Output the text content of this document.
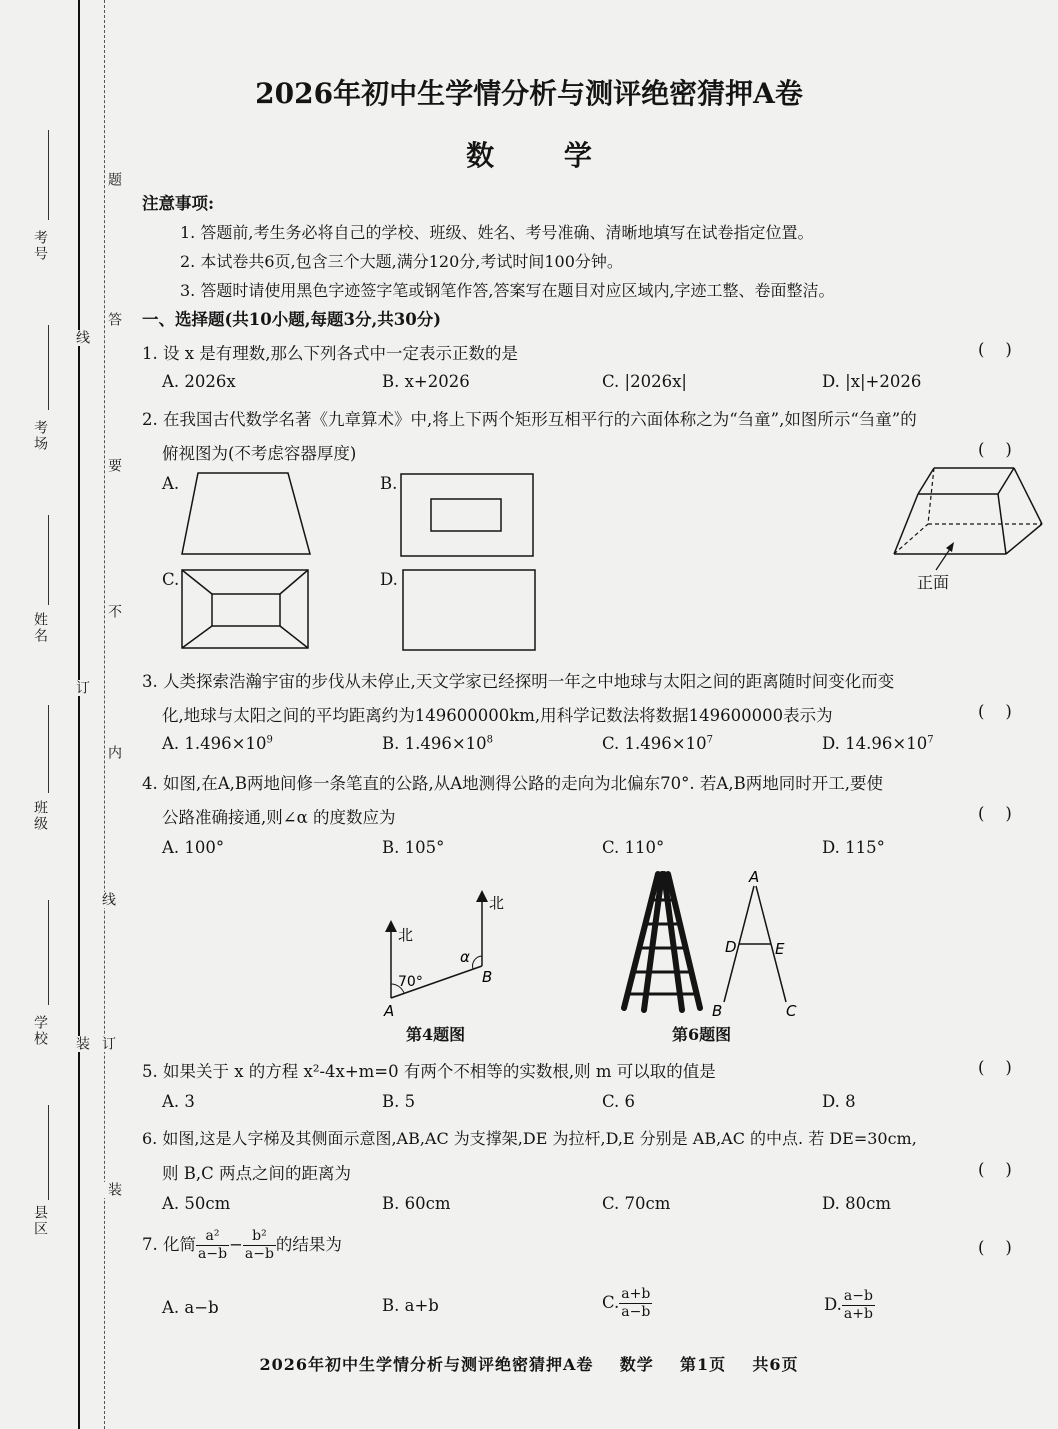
考号
考场
姓名
班级
学校
县区
线
订
线
订
装
题
答
要
不
内
装
2026年初中生学情分析与测评绝密猜押A卷
数 学
注意事项:
1. 答题前,考生务必将自己的学校、班级、姓名、考号准确、清晰地填写在试卷指定位置。
2. 本试卷共6页,包含三个大题,满分120分,考试时间100分钟。
3. 答题时请使用黑色字迹签字笔或钢笔作答,答案写在题目对应区域内,字迹工整、卷面整洁。
一、选择题(共10小题,每题3分,共30分)
1. 设 x 是有理数,那么下列各式中一定表示正数的是	(    )
A. 2026x	B. x+2026	C. |2026x|	D. |x|+2026
2. 在我国古代数学名著《九章算术》中,将上下两个矩形互相平行的六面体称之为“刍童”,如图所示“刍童”的
俯视图为(不考虑容器厚度)	(    )
A.	B.
C.	D.	正面
3. 人类探索浩瀚宇宙的步伐从未停止,天文学家已经探明一年之中地球与太阳之间的距离随时间变化而变
化,地球与太阳之间的平均距离约为149600000km,用科学记数法将数据149600000表示为	(    )
A. $1.496\times 10^9$	B. $1.496\times 10^8$	C. $1.496\times 10^7$	D. $14.96\times 10^7$
4. 如图,在A,B两地间修一条笔直的公路,从A地测得公路的走向为北偏东70°. 若A,B两地同时开工,要使
公路准确接通,则∠α 的度数应为	(    )
A. 100°	B. 105°	C. 110°	D. 115°
北
北
70°
α
A
B
第4题图
A
D	E
B	C
第6题图
5. 如果关于 x 的方程 x²-4x+m=0 有两个不相等的实数根,则 m 可以取的值是	(    )
A. 3	B. 5	C. 6	D. 8
6. 如图,这是人字梯及其侧面示意图,AB,AC 为支撑架,DE 为拉杆,D,E 分别是 AB,AC 的中点. 若 DE=30cm,
则 B,C 两点之间的距离为	(    )
A. 50cm	B. 60cm	C. 70cm	D. 80cm
7. 化简 $\frac{\text{a²}}{a-b} - \frac{\text{b²}}{a-b}$ 的结果为	(    )
A. a−b	B. a+b	C. $\frac{a+b}{a-b}$	D. $\frac{a-b}{a+b}$
2026年初中生学情分析与测评绝密猜押A卷    数学    第1页    共6页
